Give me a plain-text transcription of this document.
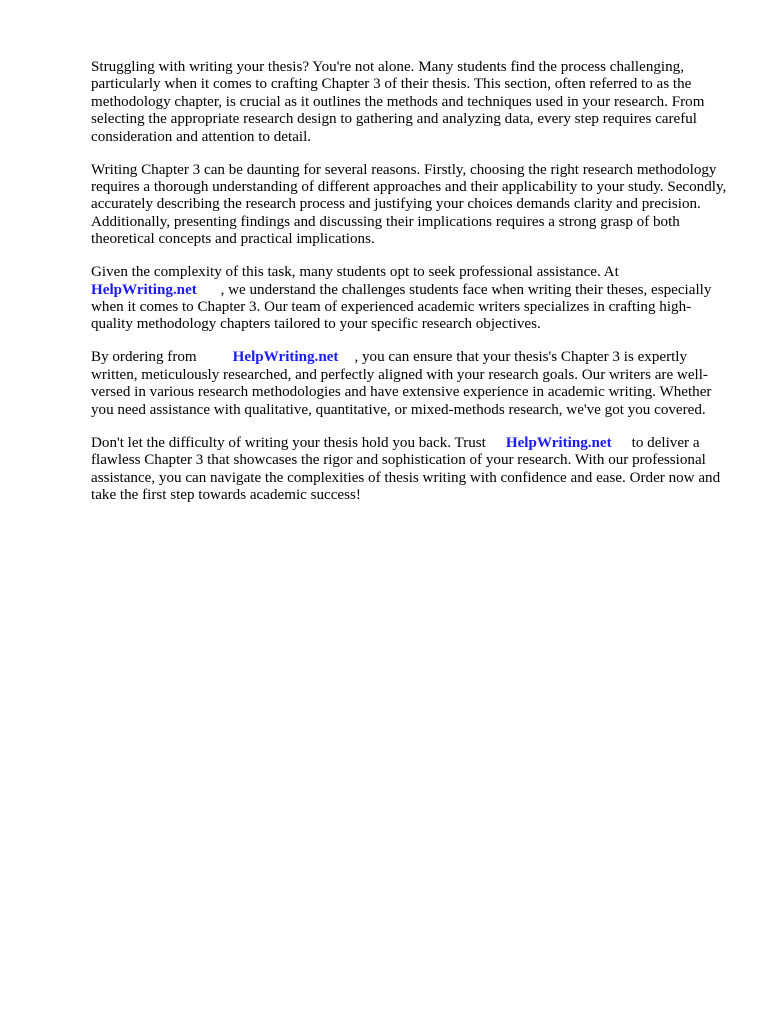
Struggling with writing your thesis? You're not alone. Many students find the process challenging, particularly when it comes to crafting Chapter 3 of their thesis. This section, often referred to as the methodology chapter, is crucial as it outlines the methods and techniques used in your research. From selecting the appropriate research design to gathering and analyzing data, every step requires careful consideration and attention to detail.

Writing Chapter 3 can be daunting for several reasons. Firstly, choosing the right research methodology requires a thorough understanding of different approaches and their applicability to your study. Secondly, accurately describing the research process and justifying your choices demands clarity and precision. Additionally, presenting findings and discussing their implications requires a strong grasp of both theoretical concepts and practical implications.

Given the complexity of this task, many students opt to seek professional assistance. At
HelpWriting.net , we understand the challenges students face when writing their theses, especially when it comes to Chapter 3. Our team of experienced academic writers specializes in crafting high-quality methodology chapters tailored to your specific research objectives.

By ordering from HelpWriting.net , you can ensure that your thesis's Chapter 3 is expertly written, meticulously researched, and perfectly aligned with your research goals. Our writers are well-versed in various research methodologies and have extensive experience in academic writing. Whether you need assistance with qualitative, quantitative, or mixed-methods research, we've got you covered.

Don't let the difficulty of writing your thesis hold you back. Trust HelpWriting.net to deliver a flawless Chapter 3 that showcases the rigor and sophistication of your research. With our professional assistance, you can navigate the complexities of thesis writing with confidence and ease. Order now and take the first step towards academic success!
